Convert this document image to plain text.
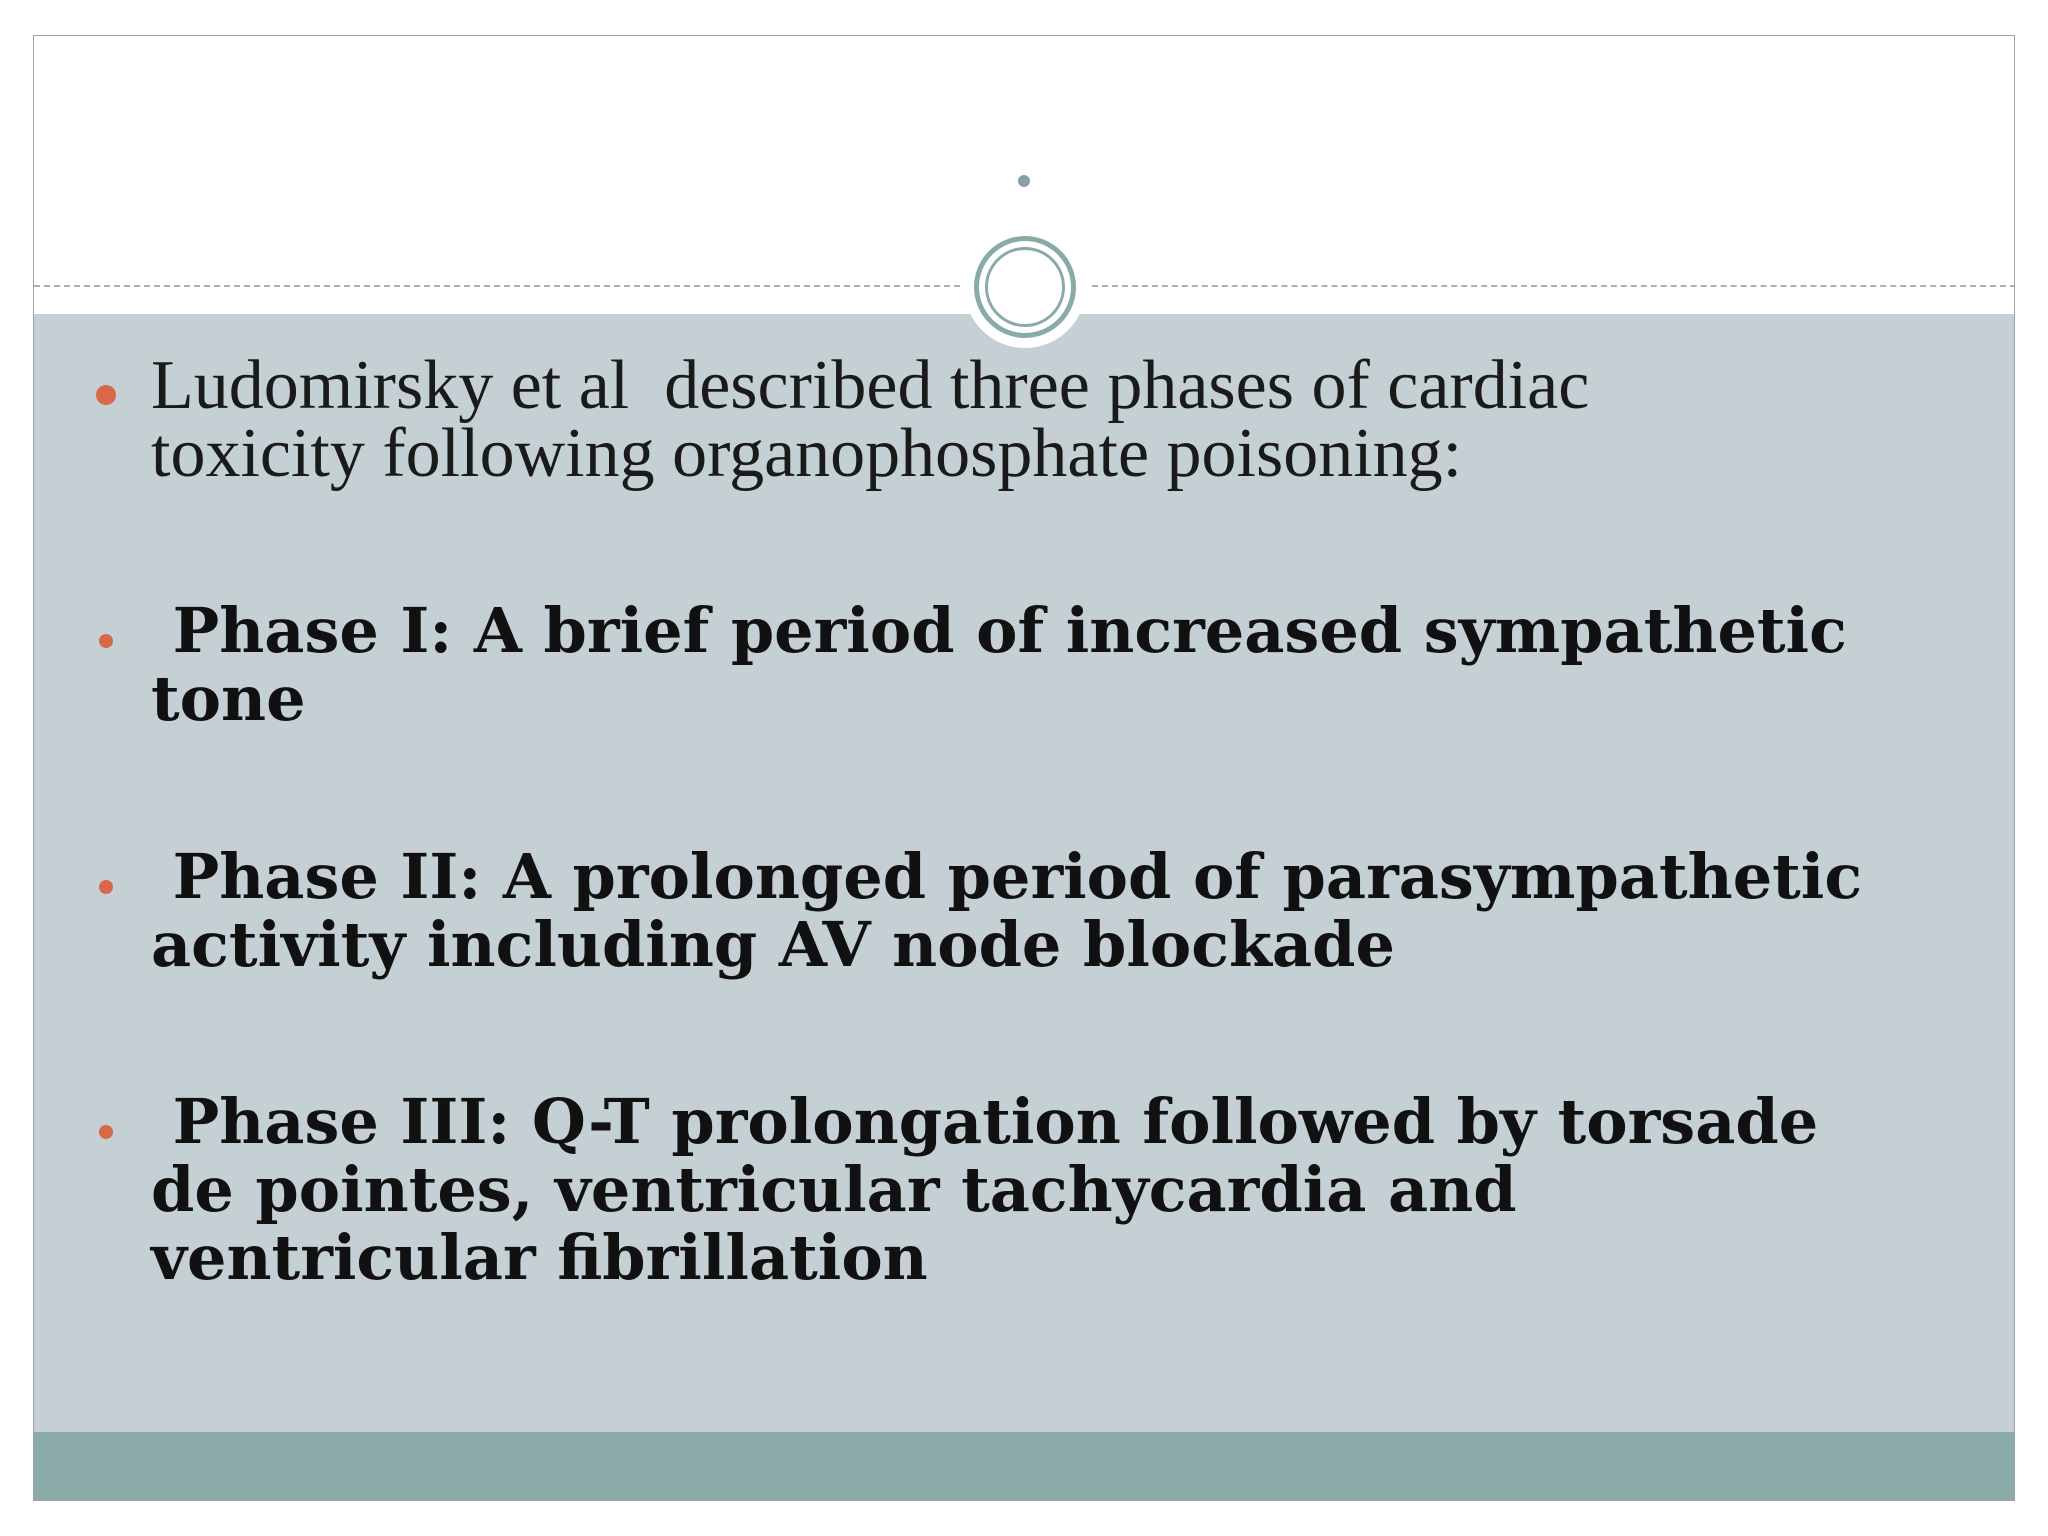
Ludomirsky et al  described three phases of cardiac
toxicity following organophosphate poisoning:
Phase I: A brief period of increased sympathetic
tone
Phase II: A prolonged period of parasympathetic
activity including AV node blockade
Phase III: Q-T prolongation followed by torsade
de pointes, ventricular tachycardia and
ventricular fibrillation
